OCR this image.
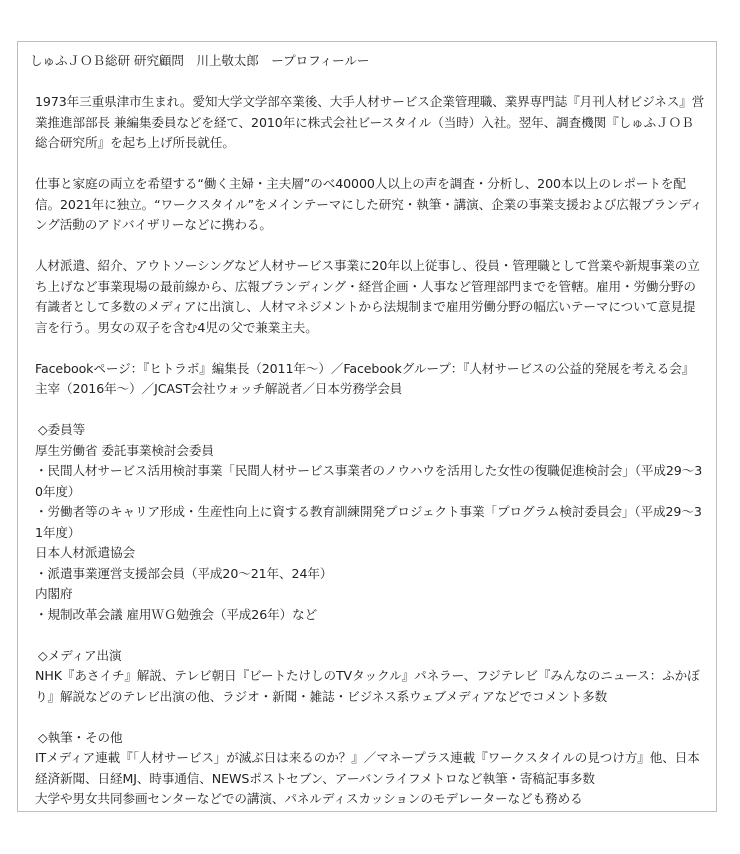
しゅふＪＯＢ総研 研究顧問　川上敬太郎　ープロフィールー

1973年三重県津市生まれ。愛知大学文学部卒業後、大手人材サービス企業管理職、業界専門誌『月刊人材ビジネス』営業推進部部長 兼編集委員などを経て、2010年に株式会社ビースタイル（当時）入社。翌年、調査機関『しゅふＪＯＢ総合研究所』を起ち上げ所長就任。

仕事と家庭の両立を希望する“働く主婦・主夫層”のべ40000人以上の声を調査・分析し、200本以上のレポートを配信。2021年に独立。“ワークスタイル”をメインテーマにした研究・執筆・講演、企業の事業支援および広報ブランディング活動のアドバイザリーなどに携わる。

人材派遣、紹介、アウトソーシングなど人材サービス事業に20年以上従事し、役員・管理職として営業や新規事業の立ち上げなど事業現場の最前線から、広報ブランディング・経営企画・人事など管理部門までを管轄。雇用・労働分野の有識者として多数のメディアに出演し、人材マネジメントから法規制まで雇用労働分野の幅広いテーマについて意見提言を行う。男女の双子を含む4児の父で兼業主夫。

Facebookページ：『ヒトラボ』編集長（2011年～）／Facebookグループ：『人材サービスの公益的発展を考える会』主宰（2016年～）／JCAST会社ウォッチ解説者／日本労務学会員

◇委員等

厚生労働省 委託事業検討会委員

・民間人材サービス活用検討事業「民間人材サービス事業者のノウハウを活用した女性の復職促進検討会」（平成29～30年度）

・労働者等のキャリア形成・生産性向上に資する教育訓練開発プロジェクト事業「プログラム検討委員会」（平成29～31年度）

日本人材派遣協会

・派遣事業運営支援部会員（平成20～21年、24年）

内閣府

・規制改革会議 雇用ＷＧ勉強会（平成26年）など

◇メディア出演

NHK『あさイチ』解説、テレビ朝日『ビートたけしのTVタックル』パネラー、フジテレビ『みんなのニュース：ふかぼり』解説などのテレビ出演の他、ラジオ・新聞・雑誌・ビジネス系ウェブメディアなどでコメント多数

◇執筆・その他

ITメディア連載『「人材サービス」が滅ぶ日は来るのか？』／マネープラス連載『ワークスタイルの見つけ方』他、日本経済新聞、日経MJ、時事通信、NEWSポストセブン、アーバンライフメトロなど執筆・寄稿記事多数

大学や男女共同参画センターなどでの講演、パネルディスカッションのモデレーターなども務める
